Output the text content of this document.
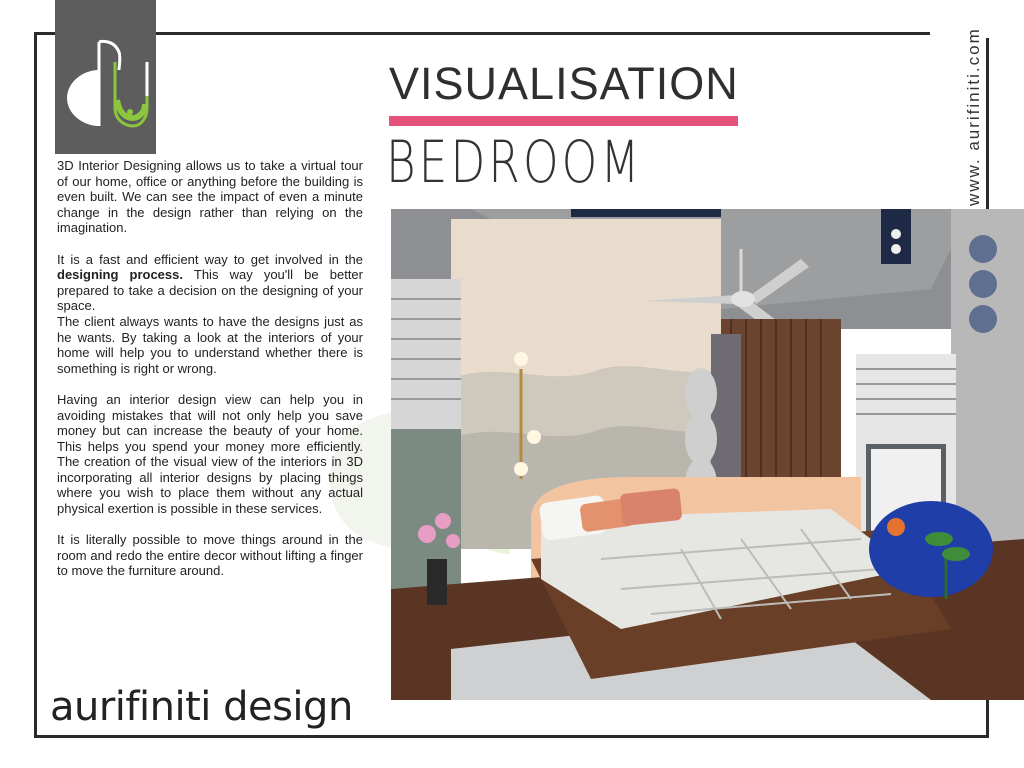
VISUALISATION
BEDROOM	www. aurifiniti.com

3D Interior Designing allows us to take a virtual tour of our home, office or anything before the building is even built. We can see the impact of even a minute change in the design rather than relying on the imagination.

It is a fast and efficient way to get involved in the designing process. This way you'll be better prepared to take a decision on the designing of your space.

The client always wants to have the designs just as he wants. By taking a look at the interiors of your home will help you to understand whether there is something is right or wrong.

Having an interior design view can help you in avoiding mistakes that will not only help you save money but can increase the beauty of your home. This helps you spend your money more efficiently. The creation of the visual view of the interiors in 3D incorporating all interior designs by placing things where you wish to place them without any actual physical exertion is possible in these services.

It is literally possible to move things around in the room and redo the entire decor without lifting a finger to move the furniture around.

aurifiniti design
